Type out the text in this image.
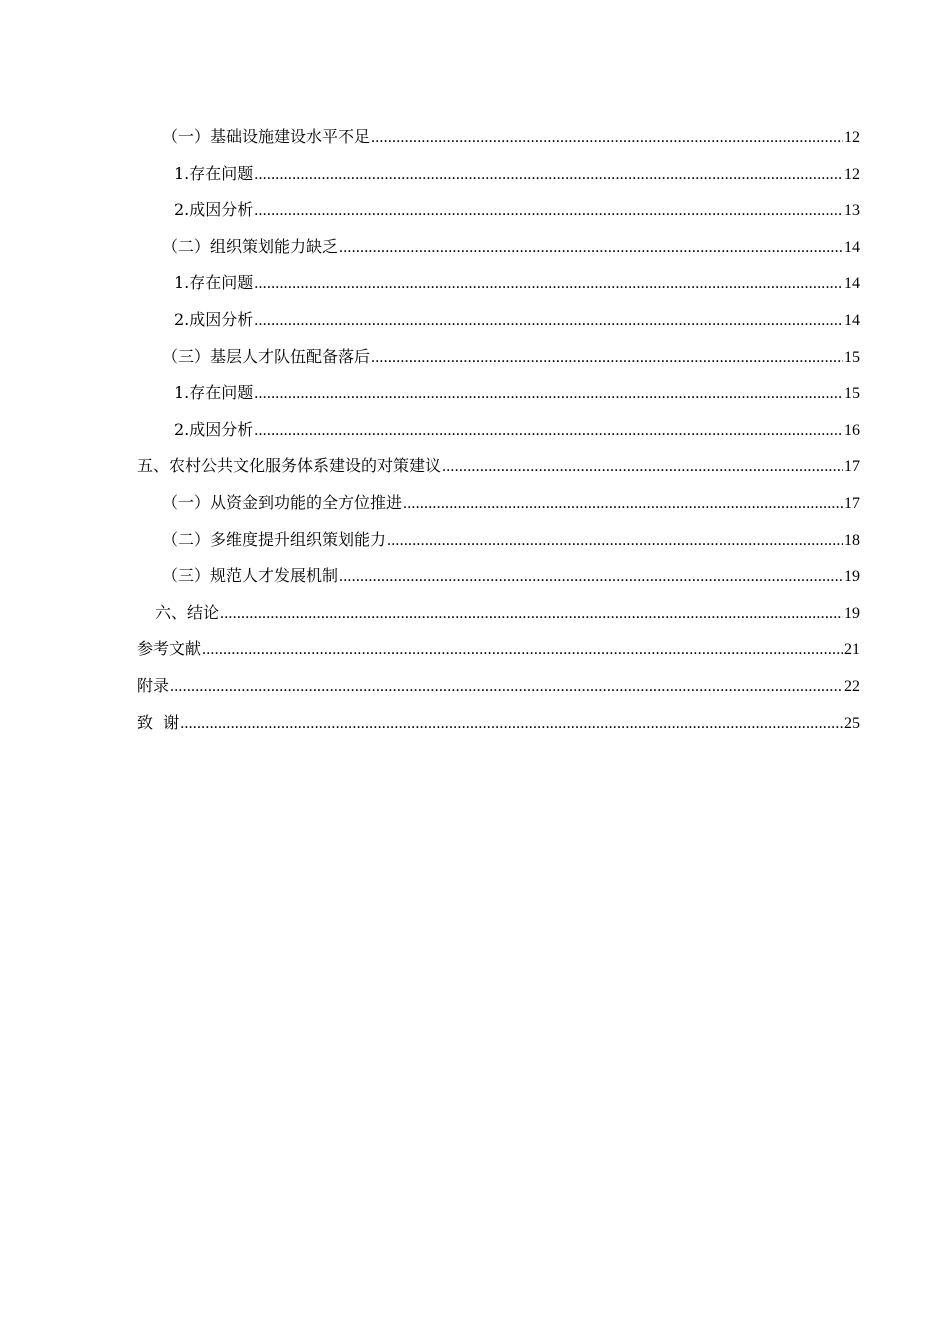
（一）基础设施建设水平不足 .....	12
1.存在问题 .....	12
2.成因分析 .....	13
（二）组织策划能力缺乏 .....	14
1.存在问题 .....	14
2.成因分析 .....	14
（三）基层人才队伍配备落后 .....	15
1.存在问题 .....	15
2.成因分析 .....	16
五、农村公共文化服务体系建设的对策建议 .....	17
（一）从资金到功能的全方位推进 .....	17
（二）多维度提升组织策划能力 .....	18
（三）规范人才发展机制 .....	19
六、结论 .....	19
参考文献 .....	21
附录 .....	22
致  谢 .....	25
